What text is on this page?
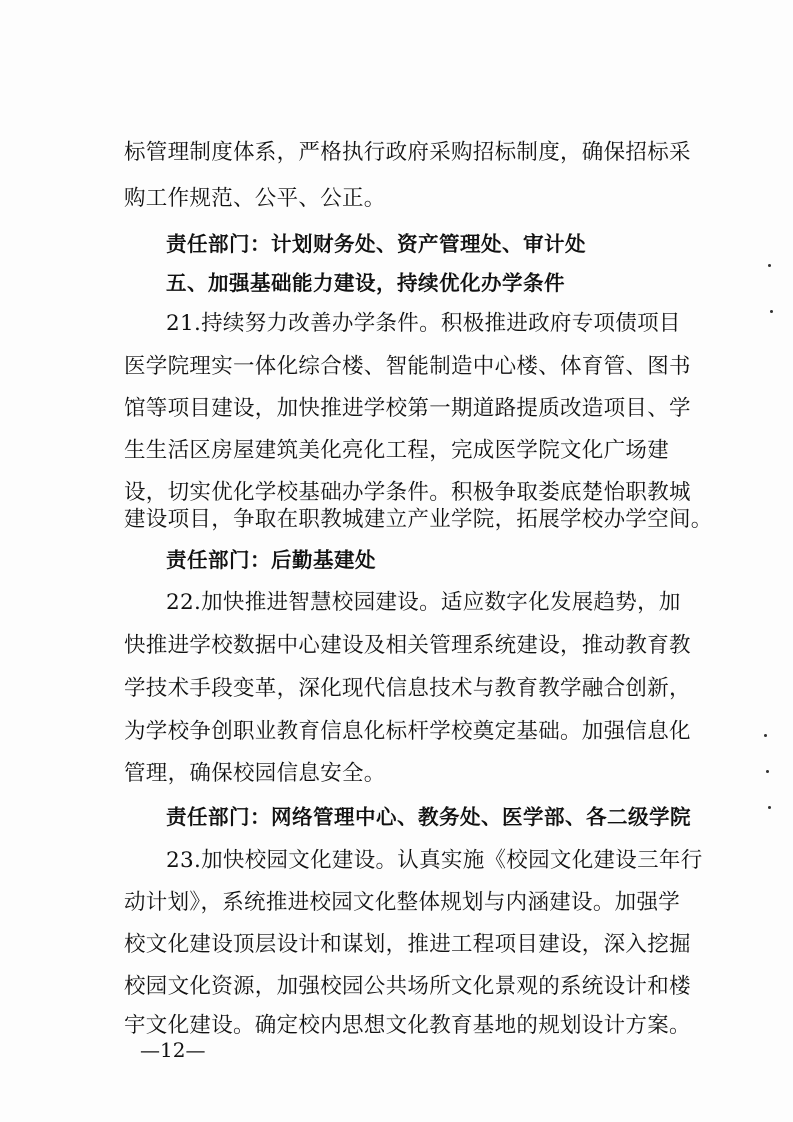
标管理制度体系，严格执行政府采购招标制度，确保招标采
购工作规范、公平、公正。
责任部门：计划财务处、资产管理处、审计处
五、加强基础能力建设，持续优化办学条件
21.持续努力改善办学条件。积极推进政府专项债项目
医学院理实一体化综合楼、智能制造中心楼、体育管、图书
馆等项目建设，加快推进学校第一期道路提质改造项目、学
生生活区房屋建筑美化亮化工程，完成医学院文化广场建
设，切实优化学校基础办学条件。积极争取娄底楚怡职教城
建设项目，争取在职教城建立产业学院，拓展学校办学空间。
责任部门：后勤基建处
22.加快推进智慧校园建设。适应数字化发展趋势，加
快推进学校数据中心建设及相关管理系统建设，推动教育教
学技术手段变革，深化现代信息技术与教育教学融合创新，
为学校争创职业教育信息化标杆学校奠定基础。加强信息化
管理，确保校园信息安全。
责任部门：网络管理中心、教务处、医学部、各二级学院
23.加快校园文化建设。认真实施《校园文化建设三年行
动计划》，系统推进校园文化整体规划与内涵建设。加强学
校文化建设顶层设计和谋划，推进工程项目建设，深入挖掘
校园文化资源，加强校园公共场所文化景观的系统设计和楼
宇文化建设。确定校内思想文化教育基地的规划设计方案。
—12—
